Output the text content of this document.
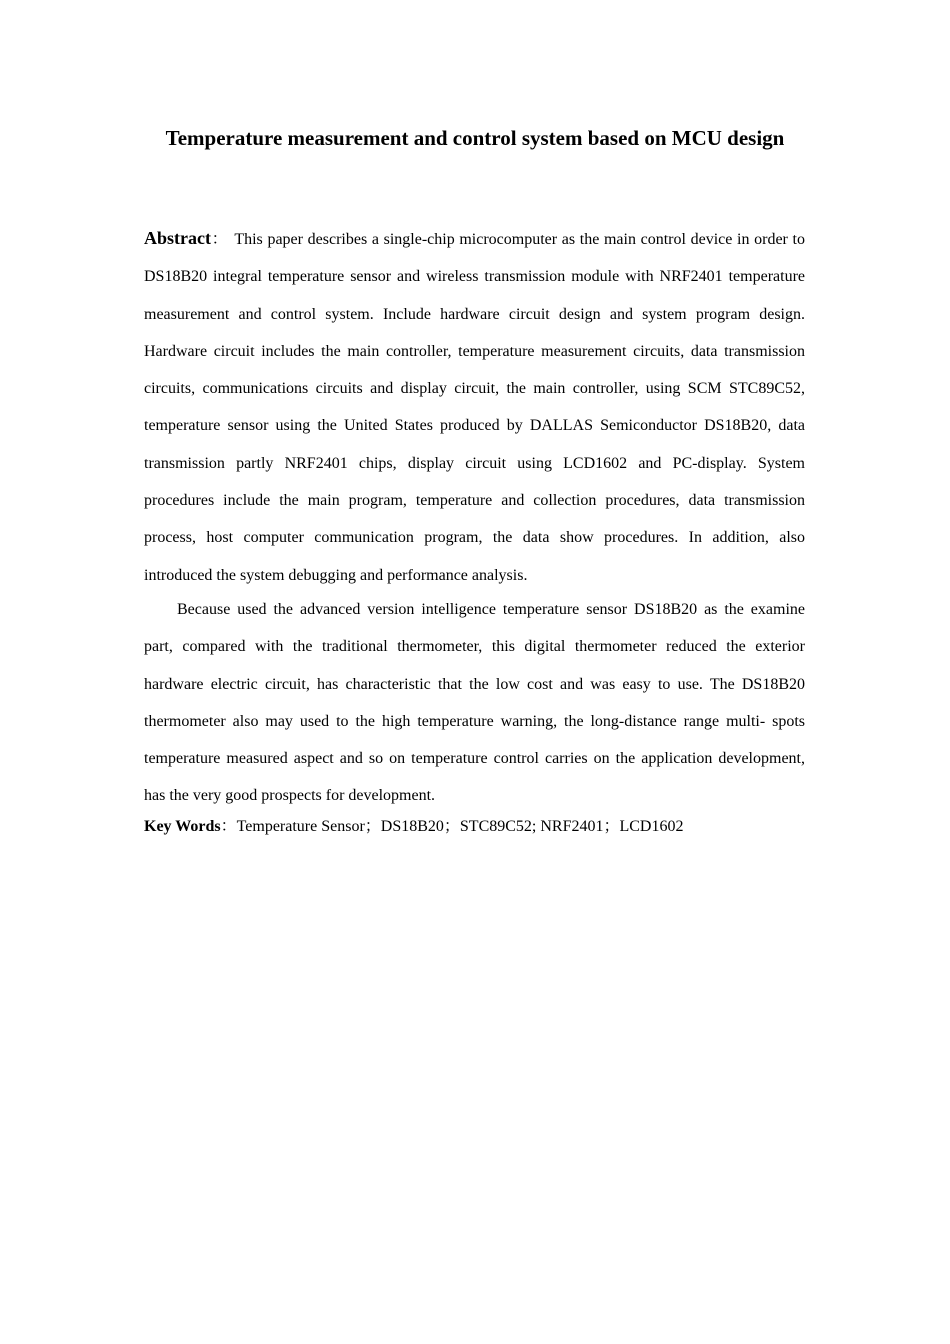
Temperature measurement and control system based on MCU design

Abstract： This paper describes a single-chip microcomputer as the main control device in order to DS18B20 integral temperature sensor and wireless transmission module with NRF2401 temperature measurement and control system. Include hardware circuit design and system program design. Hardware circuit includes the main controller, temperature measurement circuits, data transmission circuits, communications circuits and display circuit, the main controller, using SCM STC89C52, temperature sensor using the United States produced by DALLAS Semiconductor DS18B20, data transmission partly NRF2401 chips, display circuit using LCD1602 and PC-display. System procedures include the main program, temperature and collection procedures, data transmission process, host computer communication program, the data show procedures. In addition, also introduced the system debugging and performance analysis.

Because used the advanced version intelligence temperature sensor DS18B20 as the examine part, compared with the traditional thermometer, this digital thermometer reduced the exterior hardware electric circuit, has characteristic that the low cost and was easy to use. The DS18B20 thermometer also may used to the high temperature warning, the long-distance range multi- spots temperature measured aspect and so on temperature control carries on the application development, has the very good prospects for development.

Key Words：Temperature Sensor；DS18B20；STC89C52; NRF2401；LCD1602
